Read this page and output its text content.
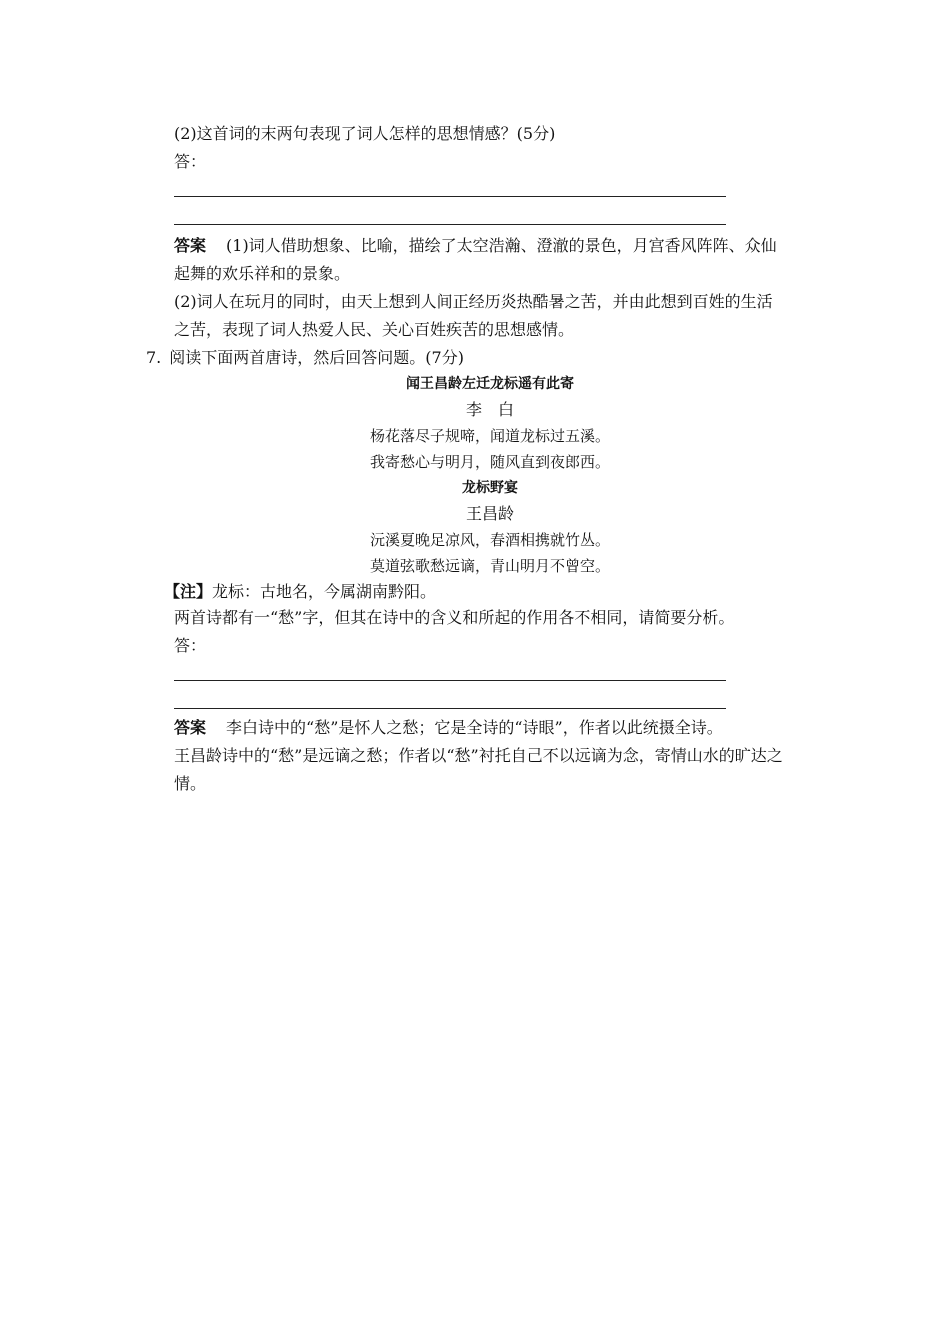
(2)这首词的末两句表现了词人怎样的思想情感？(5分)
答：
答案 (1)词人借助想象、比喻，描绘了太空浩瀚、澄澈的景色，月宫香风阵阵、众仙
起舞的欢乐祥和的景象。
(2)词人在玩月的同时，由天上想到人间正经历炎热酷暑之苦，并由此想到百姓的生活
之苦，表现了词人热爱人民、关心百姓疾苦的思想感情。
7. 阅读下面两首唐诗，然后回答问题。(7分)
闻王昌龄左迁龙标遥有此寄
李　白
杨花落尽子规啼，闻道龙标过五溪。
我寄愁心与明月，随风直到夜郎西。
龙标野宴
王昌龄
沅溪夏晚足凉风，春酒相携就竹丛。
莫道弦歌愁远谪，青山明月不曾空。
【注】龙标：古地名，今属湖南黔阳。
两首诗都有一“愁”字，但其在诗中的含义和所起的作用各不相同，请简要分析。
答：
答案 李白诗中的“愁”是怀人之愁；它是全诗的“诗眼”，作者以此统摄全诗。
王昌龄诗中的“愁”是远谪之愁；作者以“愁”衬托自己不以远谪为念，寄情山水的旷达之
情。
